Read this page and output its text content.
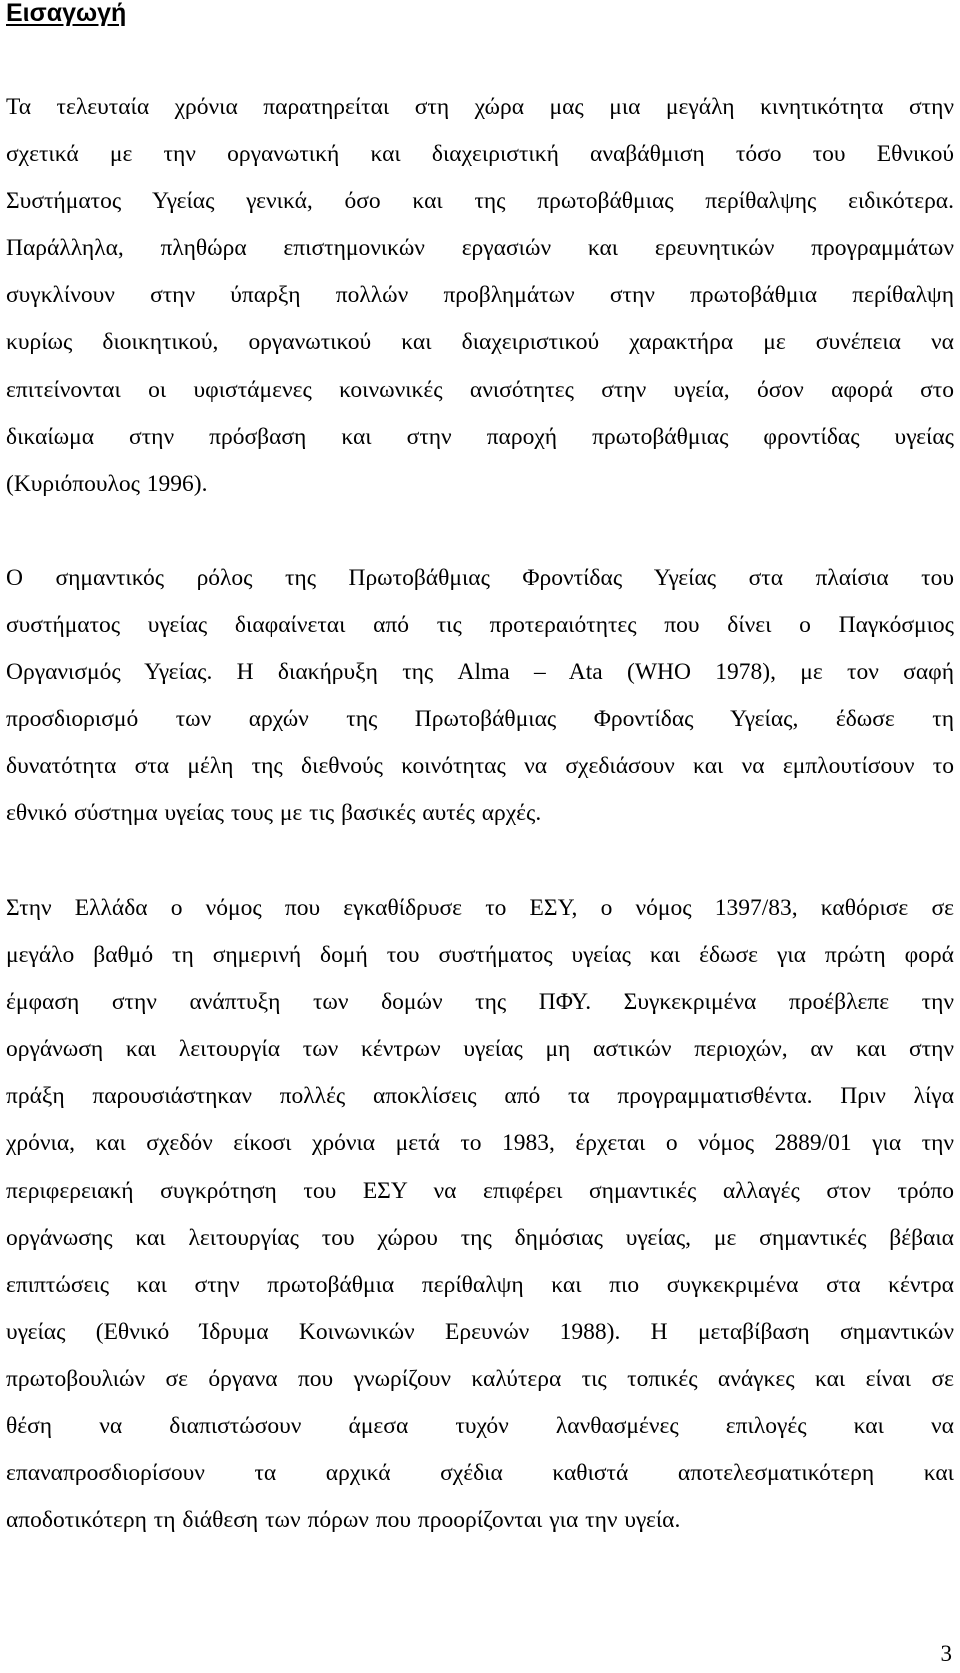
Εισαγωγή
Τα τελευταία χρόνια παρατηρείται στη χώρα μας μια μεγάλη κινητικότητα στην
σχετικά με την οργανωτική και διαχειριστική αναβάθμιση τόσο του Εθνικού
Συστήματος Υγείας γενικά, όσο και της πρωτοβάθμιας περίθαλψης ειδικότερα.
Παράλληλα, πληθώρα επιστημονικών εργασιών και ερευνητικών προγραμμάτων
συγκλίνουν στην ύπαρξη πολλών προβλημάτων στην πρωτοβάθμια περίθαλψη
κυρίως διοικητικού, οργανωτικού και διαχειριστικού χαρακτήρα με συνέπεια να
επιτείνονται οι υφιστάμενες κοινωνικές ανισότητες στην υγεία, όσον αφορά στο
δικαίωμα στην πρόσβαση και στην παροχή πρωτοβάθμιας φροντίδας υγείας
(Κυριόπουλος 1996).
Ο σημαντικός ρόλος της Πρωτοβάθμιας Φροντίδας Υγείας στα πλαίσια του
συστήματος υγείας διαφαίνεται από τις προτεραιότητες που δίνει ο Παγκόσμιος
Οργανισμός Υγείας. Η διακήρυξη της Alma – Ata (WHO 1978), με τον σαφή
προσδιορισμό των αρχών της Πρωτοβάθμιας Φροντίδας Υγείας, έδωσε τη
δυνατότητα στα μέλη της διεθνούς κοινότητας να σχεδιάσουν και να εμπλουτίσουν το
εθνικό σύστημα υγείας τους με τις βασικές αυτές αρχές.
Στην Ελλάδα ο νόμος που εγκαθίδρυσε το ΕΣΥ, ο νόμος 1397/83, καθόρισε σε
μεγάλο βαθμό τη σημερινή δομή του συστήματος υγείας και έδωσε για πρώτη φορά
έμφαση στην ανάπτυξη των δομών της ΠΦΥ. Συγκεκριμένα προέβλεπε την
οργάνωση και λειτουργία των κέντρων υγείας μη αστικών περιοχών, αν και στην
πράξη παρουσιάστηκαν πολλές αποκλίσεις από τα προγραμματισθέντα. Πριν λίγα
χρόνια, και σχεδόν είκοσι χρόνια μετά το 1983, έρχεται ο νόμος 2889/01 για την
περιφερειακή συγκρότηση του ΕΣΥ να επιφέρει σημαντικές αλλαγές στον τρόπο
οργάνωσης και λειτουργίας του χώρου της δημόσιας υγείας, με σημαντικές βέβαια
επιπτώσεις και στην πρωτοβάθμια περίθαλψη και πιο συγκεκριμένα στα κέντρα
υγείας (Εθνικό Ίδρυμα Κοινωνικών Ερευνών 1988). Η μεταβίβαση σημαντικών
πρωτοβουλιών σε όργανα που γνωρίζουν καλύτερα τις τοπικές ανάγκες και είναι σε
θέση να διαπιστώσουν άμεσα τυχόν λανθασμένες επιλογές και να
επαναπροσδιορίσουν τα αρχικά σχέδια καθιστά αποτελεσματικότερη και
αποδοτικότερη τη διάθεση των πόρων που προορίζονται για την υγεία.

3
